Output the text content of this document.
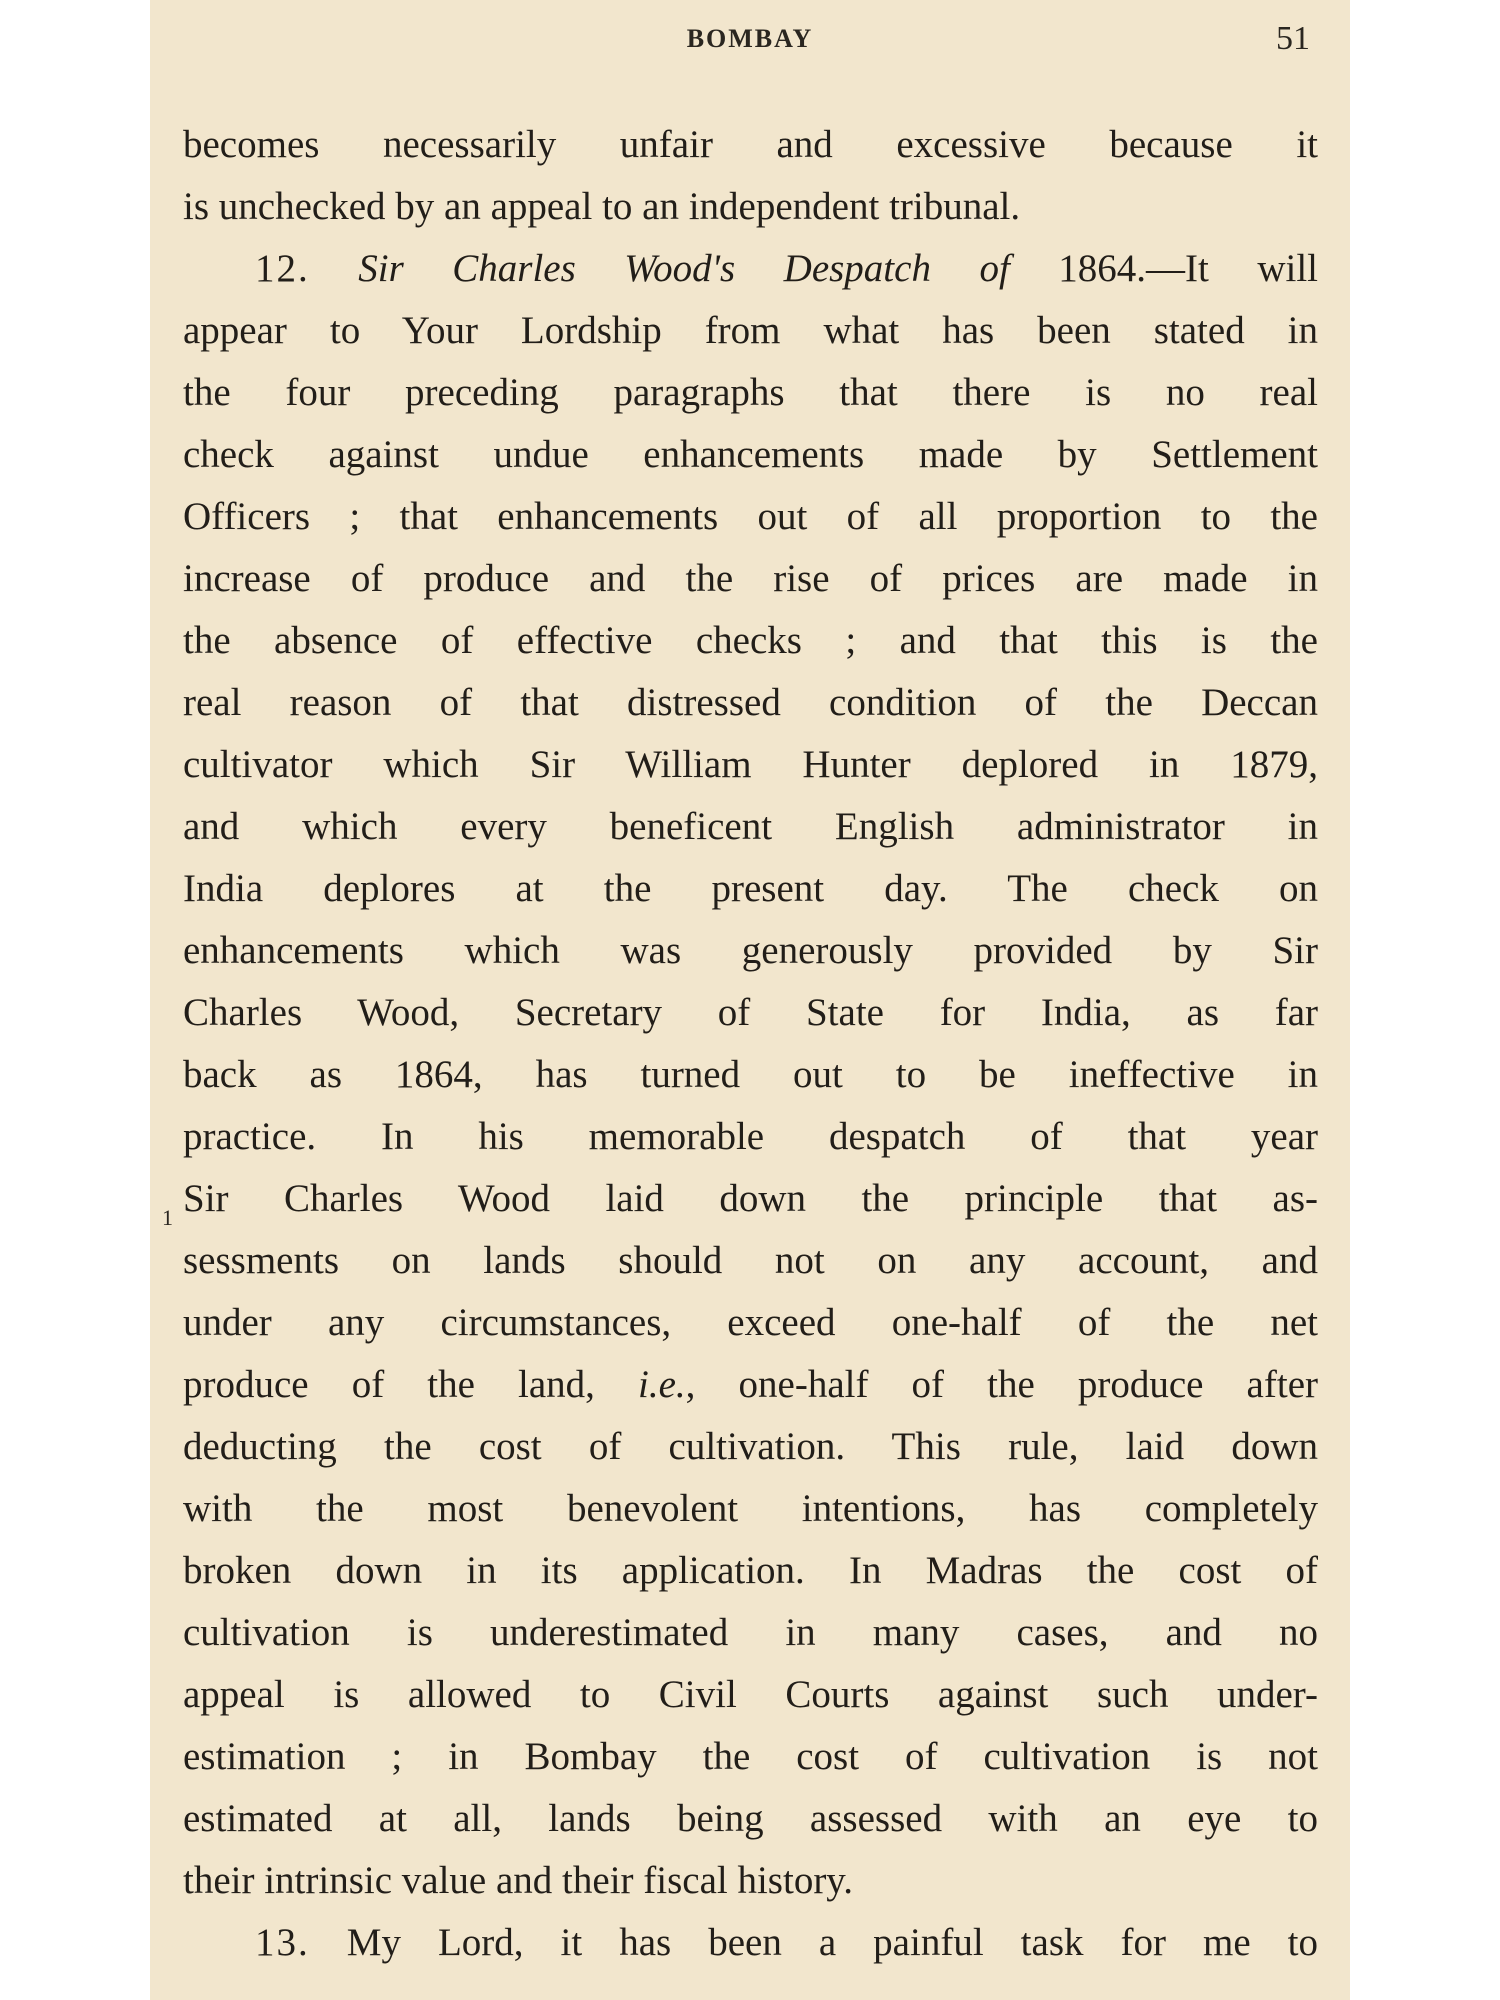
BOMBAY	51
1
becomes necessarily unfair and excessive because it
is unchecked by an appeal to an independent tribunal.
12. Sir Charles Wood's Despatch of 1864.—It will
appear to Your Lordship from what has been stated in
the four preceding paragraphs that there is no real
check against undue enhancements made by Settlement
Officers ; that enhancements out of all proportion to the
increase of produce and the rise of prices are made in
the absence of effective checks ; and that this is the
real reason of that distressed condition of the Deccan
cultivator which Sir William Hunter deplored in 1879,
and which every beneficent English administrator in
India deplores at the present day. The check on
enhancements which was generously provided by Sir
Charles Wood, Secretary of State for India, as far
back as 1864, has turned out to be ineffective in
practice. In his memorable despatch of that year
Sir Charles Wood laid down the principle that as-
sessments on lands should not on any account, and
under any circumstances, exceed one-half of the net
produce of the land, i.e., one-half of the produce after
deducting the cost of cultivation. This rule, laid down
with the most benevolent intentions, has completely
broken down in its application. In Madras the cost of
cultivation is underestimated in many cases, and no
appeal is allowed to Civil Courts against such under-
estimation ; in Bombay the cost of cultivation is not
estimated at all, lands being assessed with an eye to
their intrinsic value and their fiscal history.
13. My Lord, it has been a painful task for me to
